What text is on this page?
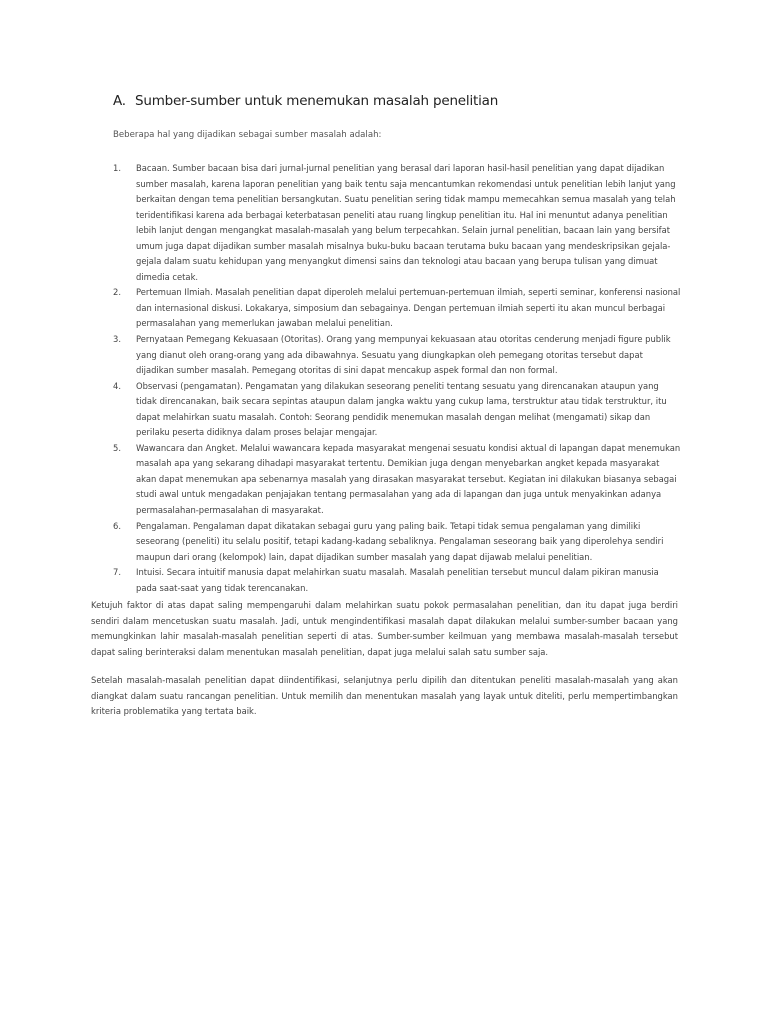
A. Sumber-sumber untuk menemukan masalah penelitian
Beberapa hal yang dijadikan sebagai sumber masalah adalah:
1.	Bacaan. Sumber bacaan bisa dari jurnal-jurnal penelitian yang berasal dari laporan hasil-hasil penelitian yang dapat dijadikan sumber masalah, karena laporan penelitian yang baik tentu saja mencantumkan rekomendasi untuk penelitian lebih lanjut yang berkaitan dengan tema penelitian bersangkutan. Suatu penelitian sering tidak mampu memecahkan semua masalah yang telah teridentifikasi karena ada berbagai keterbatasan peneliti atau ruang lingkup penelitian itu. Hal ini menuntut adanya penelitian lebih lanjut dengan mengangkat masalah-masalah yang belum terpecahkan. Selain jurnal penelitian, bacaan lain yang bersifat umum juga dapat dijadikan sumber masalah misalnya buku-buku bacaan terutama buku bacaan yang mendeskripsikan gejala-gejala dalam suatu kehidupan yang menyangkut dimensi sains dan teknologi atau bacaan yang berupa tulisan yang dimuat dimedia cetak.
2.	Pertemuan Ilmiah. Masalah penelitian dapat diperoleh melalui pertemuan-pertemuan ilmiah, seperti seminar, konferensi nasional dan internasional diskusi. Lokakarya, simposium dan sebagainya. Dengan pertemuan ilmiah seperti itu akan muncul berbagai permasalahan yang memerlukan jawaban melalui penelitian.
3.	Pernyataan Pemegang Kekuasaan (Otoritas). Orang yang mempunyai kekuasaan atau otoritas cenderung menjadi figure publik yang dianut oleh orang-orang yang ada dibawahnya. Sesuatu yang diungkapkan oleh pemegang otoritas tersebut dapat dijadikan sumber masalah. Pemegang otoritas di sini dapat mencakup aspek formal dan non formal.
4.	Observasi (pengamatan). Pengamatan yang dilakukan seseorang peneliti tentang sesuatu yang direncanakan ataupun yang tidak direncanakan, baik secara sepintas ataupun dalam jangka waktu yang cukup lama, terstruktur atau tidak terstruktur, itu dapat melahirkan suatu masalah. Contoh: Seorang pendidik menemukan masalah dengan melihat (mengamati) sikap dan perilaku peserta didiknya dalam proses belajar mengajar.
5.	Wawancara dan Angket. Melalui wawancara kepada masyarakat mengenai sesuatu kondisi aktual di lapangan dapat menemukan masalah apa yang sekarang dihadapi masyarakat tertentu. Demikian juga dengan menyebarkan angket kepada masyarakat akan dapat menemukan apa sebenarnya masalah yang dirasakan masyarakat tersebut. Kegiatan ini dilakukan biasanya sebagai studi awal untuk mengadakan penjajakan tentang permasalahan yang ada di lapangan dan juga untuk menyakinkan adanya permasalahan-permasalahan di masyarakat.
6.	Pengalaman. Pengalaman dapat dikatakan sebagai guru yang paling baik. Tetapi tidak semua pengalaman yang dimiliki seseorang (peneliti) itu selalu positif, tetapi kadang-kadang sebaliknya. Pengalaman seseorang baik yang diperolehya sendiri maupun dari orang (kelompok) lain, dapat dijadikan sumber masalah yang dapat dijawab melalui penelitian.
7.	Intuisi. Secara intuitif manusia dapat melahirkan suatu masalah. Masalah penelitian tersebut muncul dalam pikiran manusia pada saat-saat yang tidak terencanakan.

Ketujuh faktor di atas dapat saling mempengaruhi dalam melahirkan suatu pokok permasalahan penelitian, dan itu dapat juga berdiri sendiri dalam mencetuskan suatu masalah. Jadi, untuk mengindentifikasi masalah dapat dilakukan melalui sumber-sumber bacaan yang memungkinkan lahir masalah-masalah penelitian seperti di atas. Sumber-sumber keilmuan yang membawa masalah-masalah tersebut dapat saling berinteraksi dalam menentukan masalah penelitian, dapat juga melalui salah satu sumber saja.

Setelah masalah-masalah penelitian dapat diindentifikasi, selanjutnya perlu dipilih dan ditentukan peneliti masalah-masalah yang akan diangkat dalam suatu rancangan penelitian. Untuk memilih dan menentukan masalah yang layak untuk diteliti, perlu mempertimbangkan kriteria problematika yang tertata baik.
